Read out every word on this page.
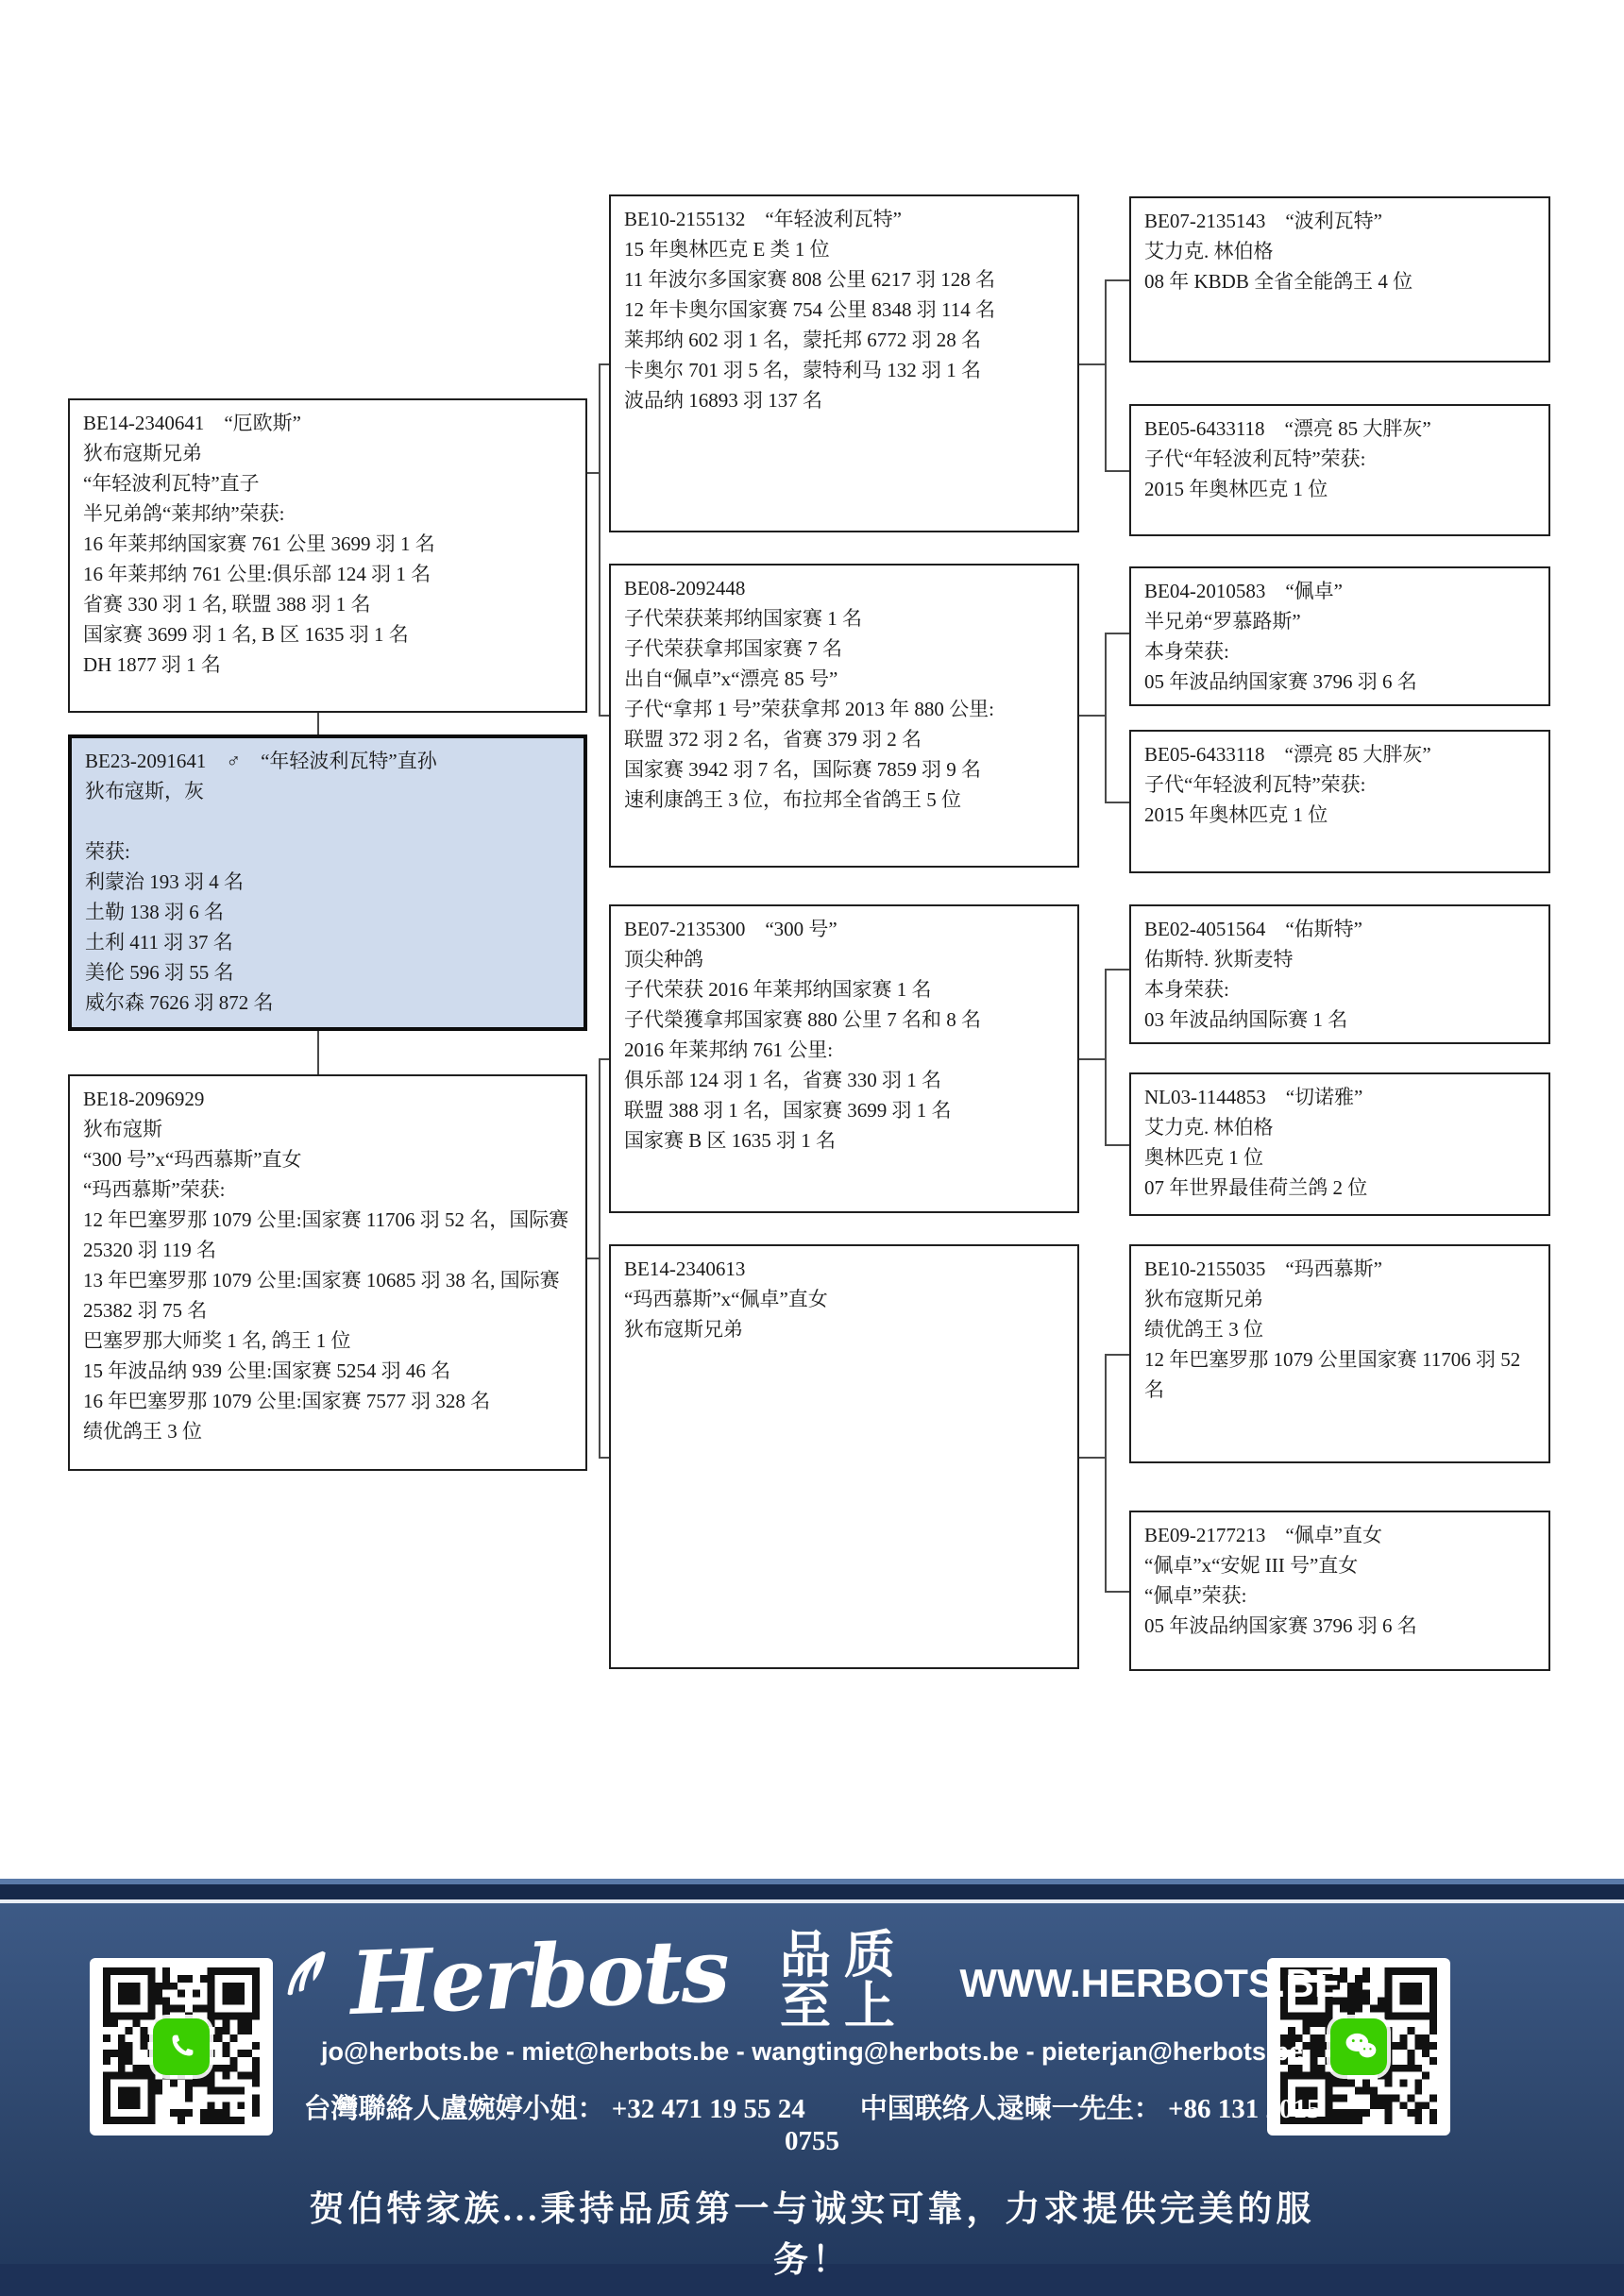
BE14-2340641　“厄欧斯”
狄布寇斯兄弟
“年轻波利瓦特”直子
半兄弟鸽“莱邦纳”荣获:
16 年莱邦纳国家赛 761 公里 3699 羽 1 名
16 年莱邦纳 761 公里:俱乐部 124 羽 1 名
省赛 330 羽 1 名, 联盟 388 羽 1 名
国家赛 3699 羽 1 名, B 区 1635 羽 1 名
DH 1877 羽 1 名
BE23-2091641　♂　“年轻波利瓦特”直孙
狄布寇斯，灰
荣获:
利蒙治 193 羽 4 名
土勒 138 羽 6 名
土利 411 羽 37 名
美伦 596 羽 55 名
威尔森 7626 羽 872 名
BE18-2096929
狄布寇斯
“300 号”x“玛西慕斯”直女
“玛西慕斯”荣获:
12 年巴塞罗那 1079 公里:国家赛 11706 羽 52 名，国际赛 25320 羽 119 名
13 年巴塞罗那 1079 公里:国家赛 10685 羽 38 名, 国际赛 25382 羽 75 名
巴塞罗那大师奖 1 名, 鸽王 1 位
15 年波品纳 939 公里:国家赛 5254 羽 46 名
16 年巴塞罗那 1079 公里:国家赛 7577 羽 328 名
绩优鸽王 3 位
BE10-2155132　“年轻波利瓦特”
15 年奥林匹克 E 类 1 位
11 年波尔多国家赛 808 公里 6217 羽 128 名
12 年卡奥尔国家赛 754 公里 8348 羽 114 名
莱邦纳 602 羽 1 名，蒙托邦 6772 羽 28 名
卡奥尔 701 羽 5 名，蒙特利马 132 羽 1 名
波品纳 16893 羽 137 名
BE08-2092448
子代荣获莱邦纳国家赛 1 名
子代荣获拿邦国家赛 7 名
出自“佩卓”x“漂亮 85 号”
子代“拿邦 1 号”荣获拿邦 2013 年 880 公里:
联盟 372 羽 2 名，省赛 379 羽 2 名
国家赛 3942 羽 7 名，国际赛 7859 羽 9 名
速利康鸽王 3 位，布拉邦全省鸽王 5 位
BE07-2135300　“300 号”
顶尖种鸽
子代荣获 2016 年莱邦纳国家赛 1 名
子代榮獲拿邦国家赛 880 公里 7 名和 8 名
2016 年莱邦纳 761 公里:
俱乐部 124 羽 1 名，省赛 330 羽 1 名
联盟 388 羽 1 名，国家赛 3699 羽 1 名
国家赛 B 区 1635 羽 1 名
BE14-2340613
“玛西慕斯”x“佩卓”直女
狄布寇斯兄弟
BE07-2135143　“波利瓦特”
艾力克. 林伯格
08 年 KBDB 全省全能鸽王 4 位
BE05-6433118　“漂亮 85 大胖灰”
子代“年轻波利瓦特”荣获:
2015 年奥林匹克 1 位
BE04-2010583　“佩卓”
半兄弟“罗慕路斯”
本身荣获:
05 年波品纳国家赛 3796 羽 6 名
BE05-6433118　“漂亮 85 大胖灰”
子代“年轻波利瓦特”荣获:
2015 年奥林匹克 1 位
BE02-4051564　“佑斯特”
佑斯特. 狄斯麦特
本身荣获:
03 年波品纳国际赛 1 名
NL03-1144853　“切诺雅”
艾力克. 林伯格
奥林匹克 1 位
07 年世界最佳荷兰鸽 2 位
BE10-2155035　“玛西慕斯”
狄布寇斯兄弟
绩优鸽王 3 位
12 年巴塞罗那 1079 公里国家赛 11706 羽 52 名
BE09-2177213　“佩卓”直女
“佩卓”x“安妮 III 号”直女
“佩卓”荣获:
05 年波品纳国家赛 3796 羽 6 名
Herbots 品质至上	WWW.HERBOTS.BE
jo@herbots.be - miet@herbots.be - wangting@herbots.be - pieterjan@herbots.be
台灣聯絡人盧婉婷小姐： +32 471 19 55 24　　中国联络人逯暕一先生： +86 131 2015 0755
贺伯特家族...秉持品质第一与诚实可靠，力求提供完美的服务！
